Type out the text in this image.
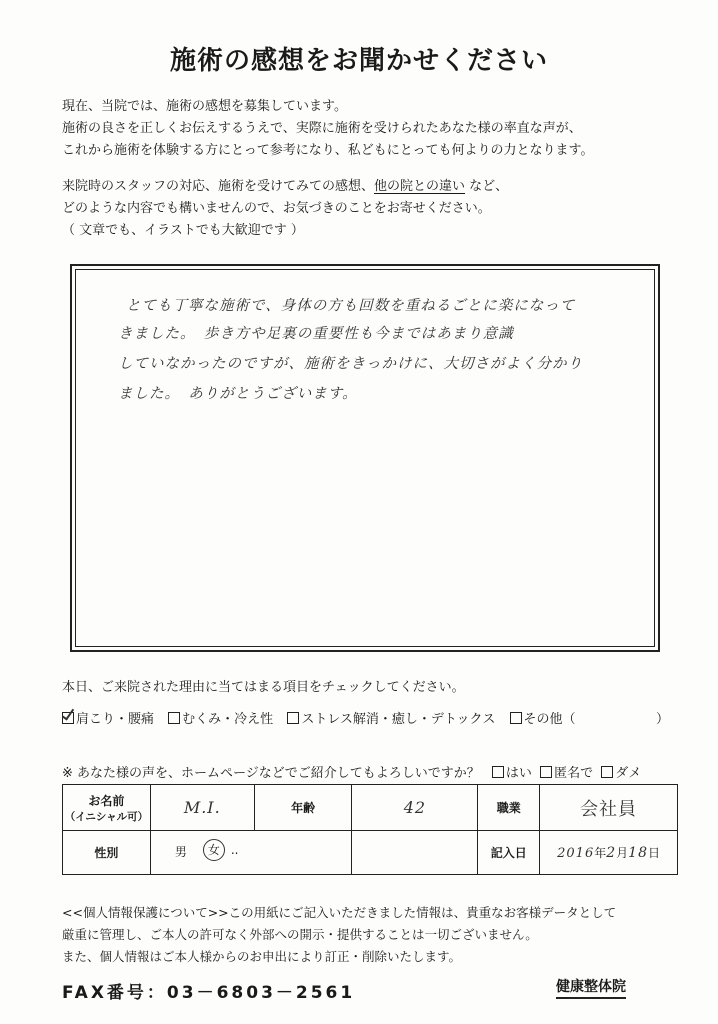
施術の感想をお聞かせください
現在、当院では、施術の感想を募集しています。
施術の良さを正しくお伝えするうえで、実際に施術を受けられたあなた様の率直な声が、
これから施術を体験する方にとって参考になり、私どもにとっても何よりの力となります。
来院時のスタッフの対応、施術を受けてみての感想、他の院との違い など、
どのような内容でも構いませんので、お気づきのことをお寄せください。
（ 文章でも、イラストでも大歓迎です ）
とても丁寧な施術で、身体の方も回数を重ねるごとに楽になって
きました。　歩き方や足裏の重要性も今まではあまり意識
していなかったのですが、施術をきっかけに、大切さがよく分かり
ました。　ありがとうございます。
本日、ご来院された理由に当てはまる項目をチェックしてください。
肩こり・腰痛 むくみ・冷え性 ストレス解消・癒し・デトックス その他（	）
※ あなた様の声を、ホームページなどでご紹介してもよろしいですか？ はい 匿名で ダメ
お名前
（イニシャル可）	M.I.	年齢	42	職業	会社員
性別	男 女 ..			記入日	2016年2月18日
<<個人情報保護について>>この用紙にご記入いただきました情報は、貴重なお客様データとして
厳重に管理し、ご本人の許可なく外部への開示・提供することは一切ございません。
また、個人情報はご本人様からのお申出により訂正・削除いたします。
FAX番号：03－6803－2561	健康整体院
